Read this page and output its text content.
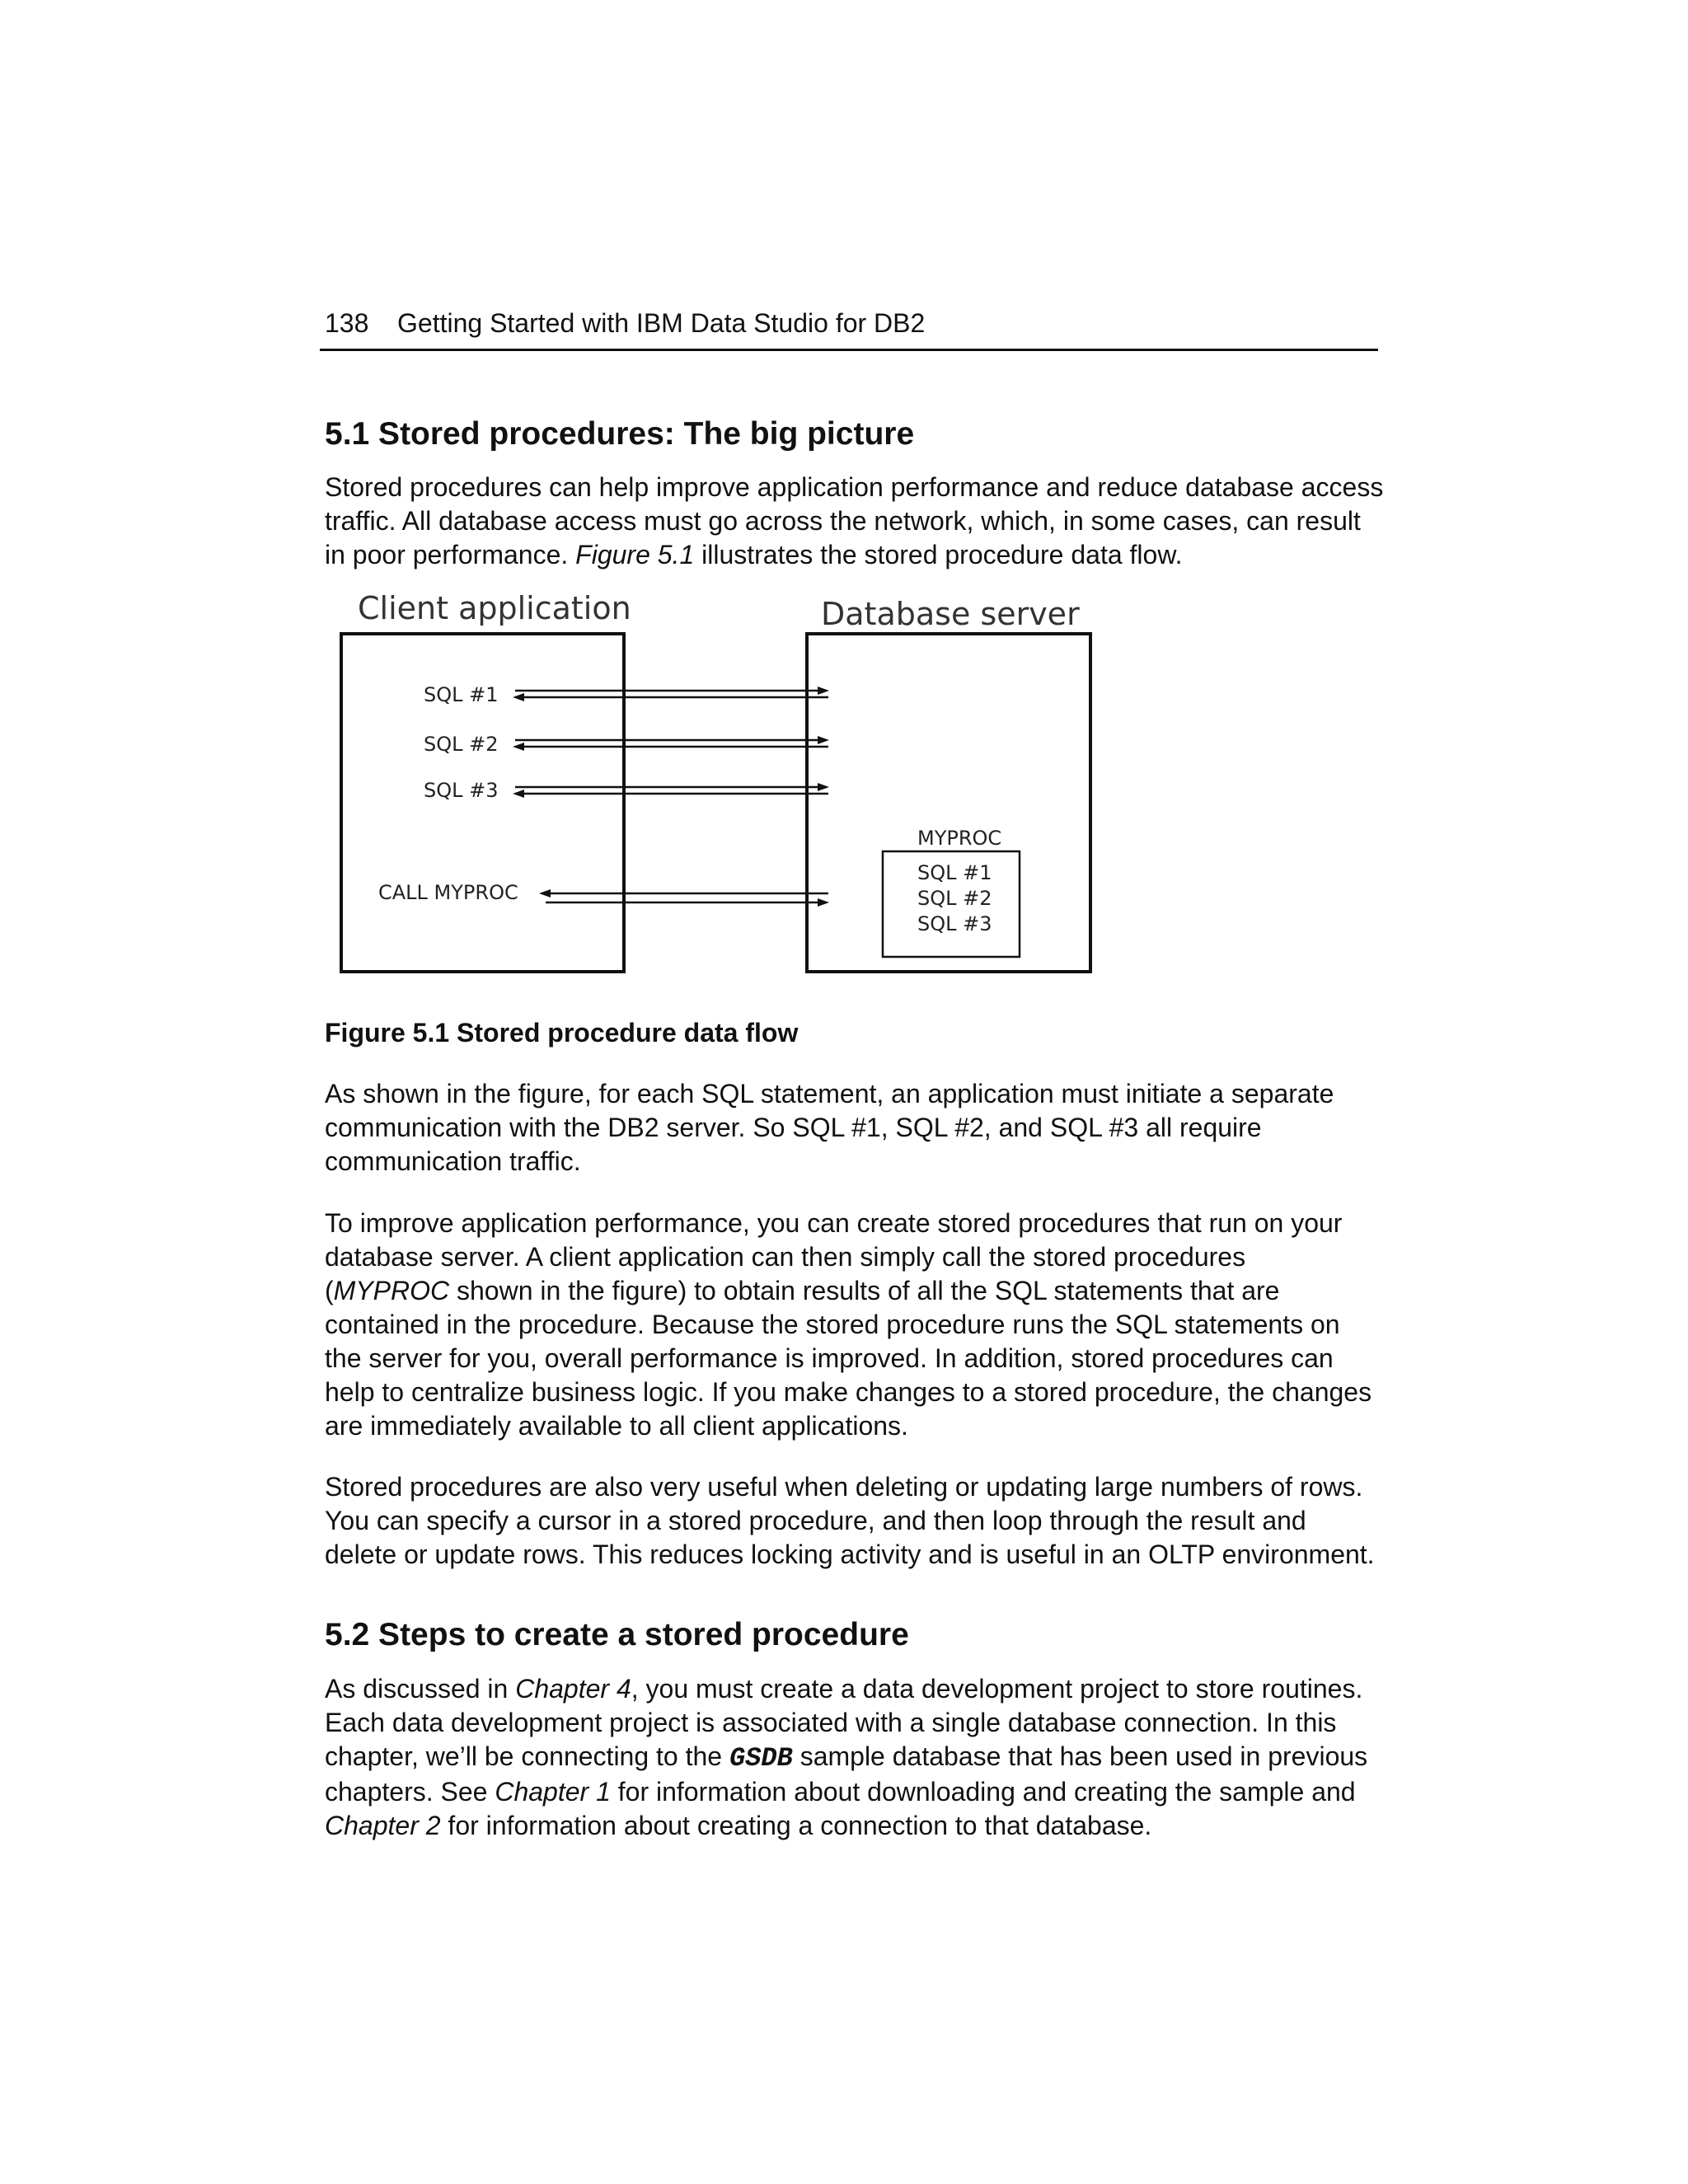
138 Getting Started with IBM Data Studio for DB2
5.1 Stored procedures: The big picture

Stored procedures can help improve application performance and reduce database access
traffic. All database access must go across the network, which, in some cases, can result
in poor performance. Figure 5.1 illustrates the stored procedure data flow.

Client application	Database server
SQL #1
SQL #2
SQL #3
CALL MYPROC
MYPROC
SQL #1
SQL #2
SQL #3

Figure 5.1 Stored procedure data flow

As shown in the figure, for each SQL statement, an application must initiate a separate
communication with the DB2 server. So SQL #1, SQL #2, and SQL #3 all require
communication traffic.

To improve application performance, you can create stored procedures that run on your
database server. A client application can then simply call the stored procedures
(MYPROC shown in the figure) to obtain results of all the SQL statements that are
contained in the procedure. Because the stored procedure runs the SQL statements on
the server for you, overall performance is improved. In addition, stored procedures can
help to centralize business logic. If you make changes to a stored procedure, the changes
are immediately available to all client applications.

Stored procedures are also very useful when deleting or updating large numbers of rows.
You can specify a cursor in a stored procedure, and then loop through the result and
delete or update rows. This reduces locking activity and is useful in an OLTP environment.

5.2 Steps to create a stored procedure

As discussed in Chapter 4, you must create a data development project to store routines.
Each data development project is associated with a single database connection. In this
chapter, we’ll be connecting to the GSDB sample database that has been used in previous
chapters. See Chapter 1 for information about downloading and creating the sample and
Chapter 2 for information about creating a connection to that database.
